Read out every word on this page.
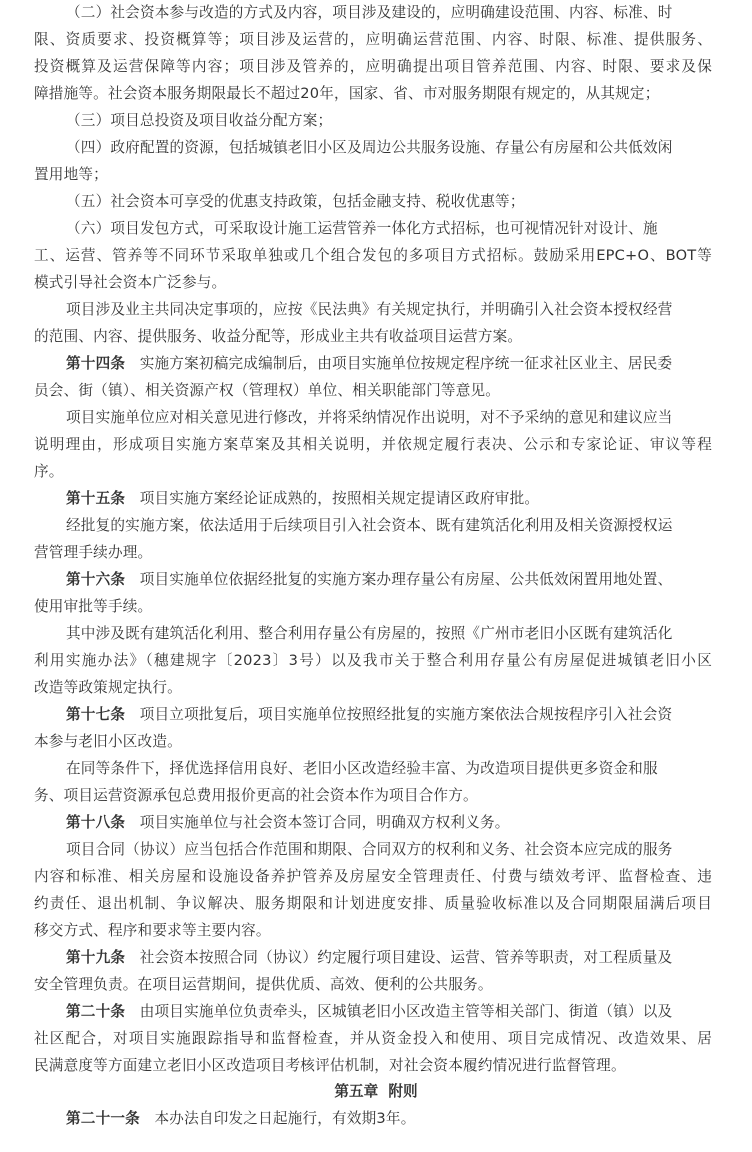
（二）社会资本参与改造的方式及内容，项目涉及建设的，应明确建设范围、内容、标准、时
限、资质要求、投资概算等；项目涉及运营的，应明确运营范围、内容、时限、标准、提供服务、
投资概算及运营保障等内容；项目涉及管养的，应明确提出项目管养范围、内容、时限、要求及保
障措施等。社会资本服务期限最长不超过20年，国家、省、市对服务期限有规定的，从其规定；
（三）项目总投资及项目收益分配方案；
（四）政府配置的资源，包括城镇老旧小区及周边公共服务设施、存量公有房屋和公共低效闲
置用地等；
（五）社会资本可享受的优惠支持政策，包括金融支持、税收优惠等；
（六）项目发包方式，可采取设计施工运营管养一体化方式招标，也可视情况针对设计、施
工、运营、管养等不同环节采取单独或几个组合发包的多项目方式招标。鼓励采用EPC+O、BOT等
模式引导社会资本广泛参与。
项目涉及业主共同决定事项的，应按《民法典》有关规定执行，并明确引入社会资本授权经营
的范围、内容、提供服务、收益分配等，形成业主共有收益项目运营方案。
第十四条 实施方案初稿完成编制后，由项目实施单位按规定程序统一征求社区业主、居民委
员会、街（镇）、相关资源产权（管理权）单位、相关职能部门等意见。
项目实施单位应对相关意见进行修改，并将采纳情况作出说明，对不予采纳的意见和建议应当
说明理由，形成项目实施方案草案及其相关说明，并依规定履行表决、公示和专家论证、审议等程
序。
第十五条 项目实施方案经论证成熟的，按照相关规定提请区政府审批。
经批复的实施方案，依法适用于后续项目引入社会资本、既有建筑活化利用及相关资源授权运
营管理手续办理。
第十六条 项目实施单位依据经批复的实施方案办理存量公有房屋、公共低效闲置用地处置、
使用审批等手续。
其中涉及既有建筑活化利用、整合利用存量公有房屋的，按照《广州市老旧小区既有建筑活化
利用实施办法》（穗建规字〔2023〕3号）以及我市关于整合利用存量公有房屋促进城镇老旧小区
改造等政策规定执行。
第十七条 项目立项批复后，项目实施单位按照经批复的实施方案依法合规按程序引入社会资
本参与老旧小区改造。
在同等条件下，择优选择信用良好、老旧小区改造经验丰富、为改造项目提供更多资金和服
务、项目运营资源承包总费用报价更高的社会资本作为项目合作方。
第十八条 项目实施单位与社会资本签订合同，明确双方权利义务。
项目合同（协议）应当包括合作范围和期限、合同双方的权利和义务、社会资本应完成的服务
内容和标准、相关房屋和设施设备养护管养及房屋安全管理责任、付费与绩效考评、监督检查、违
约责任、退出机制、争议解决、服务期限和计划进度安排、质量验收标准以及合同期限届满后项目
移交方式、程序和要求等主要内容。
第十九条 社会资本按照合同（协议）约定履行项目建设、运营、管养等职责，对工程质量及
安全管理负责。在项目运营期间，提供优质、高效、便利的公共服务。
第二十条 由项目实施单位负责牵头，区城镇老旧小区改造主管等相关部门、街道（镇）以及
社区配合，对项目实施跟踪指导和监督检查，并从资金投入和使用、项目完成情况、改造效果、居
民满意度等方面建立老旧小区改造项目考核评估机制，对社会资本履约情况进行监督管理。
第五章  附则
第二十一条 本办法自印发之日起施行，有效期3年。
